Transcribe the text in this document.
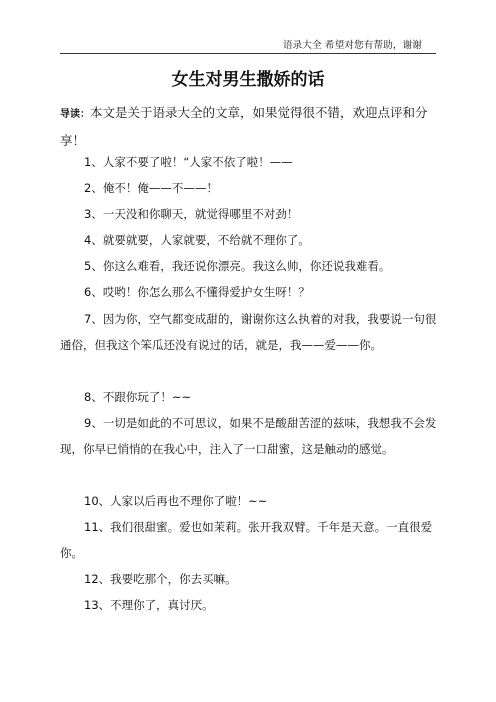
语录大全 希望对您有帮助，谢谢
女生对男生撒娇的话
导读：本文是关于语录大全的文章，如果觉得很不错，欢迎点评和分享！
1、人家不要了啦！“人家不依了啦！——
2、俺不！俺——不——！
3、一天没和你聊天，就觉得哪里不对劲！
4、就要就要，人家就要，不给就不理你了。
5、你这么难看，我还说你漂亮。我这么帅，你还说我难看。
6、哎哟！你怎么那么不懂得爱护女生呀！？
7、因为你，空气都变成甜的，谢谢你这么执着的对我，我要说一句很通俗，但我这个笨瓜还没有说过的话，就是，我——爱——你。
8、不跟你玩了！~~
9、一切是如此的不可思议，如果不是酸甜苦涩的兹味，我想我不会发现，你早已悄悄的在我心中，注入了一口甜蜜，这是触动的感觉。
10、人家以后再也不理你了啦！~~
11、我们很甜蜜。爱也如茉莉。张开我双臂。千年是天意。一直很爱你。
12、我要吃那个，你去买嘛。
13、不理你了，真讨厌。
